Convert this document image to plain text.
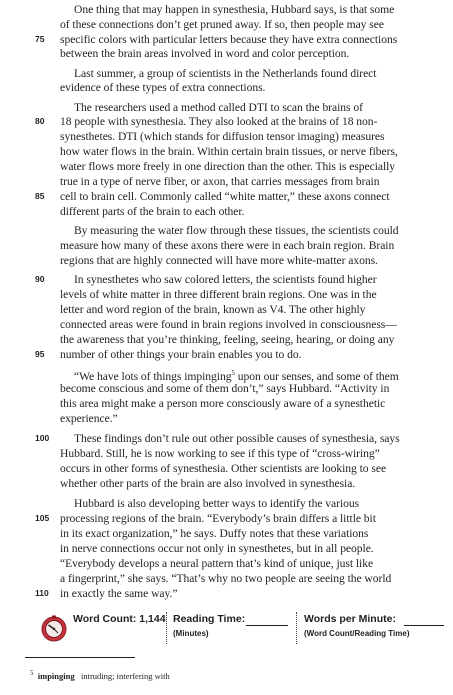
One thing that may happen in synesthesia, Hubbard says, is that some
of these connections don’t get pruned away. If so, then people may see
75	specific colors with particular letters because they have extra connections
between the brain areas involved in word and color perception.
Last summer, a group of scientists in the Netherlands found direct
evidence of these types of extra connections.
The researchers used a method called DTI to scan the brains of
80	18 people with synesthesia. They also looked at the brains of 18 non-
synesthetes. DTI (which stands for diffusion tensor imaging) measures
how water flows in the brain. Within certain brain tissues, or nerve fibers,
water flows more freely in one direction than the other. This is especially
true in a type of nerve fiber, or axon, that carries messages from brain
85	cell to brain cell. Commonly called “white matter,” these axons connect
different parts of the brain to each other.
By measuring the water flow through these tissues, the scientists could
measure how many of these axons there were in each brain region. Brain
regions that are highly connected will have more white-matter axons.
90	In synesthetes who saw colored letters, the scientists found higher
levels of white matter in three different brain regions. One was in the
letter and word region of the brain, known as V4. The other highly
connected areas were found in brain regions involved in consciousness—
the awareness that you’re thinking, feeling, seeing, hearing, or doing any
95	number of other things your brain enables you to do.
“We have lots of things impinging$^5$ upon our senses, and some of them
become conscious and some of them don’t,” says Hubbard. “Activity in
this area might make a person more consciously aware of a synesthetic
experience.”
100	These findings don’t rule out other possible causes of synesthesia, says
Hubbard. Still, he is now working to see if this type of “cross-wiring”
occurs in other forms of synesthesia. Other scientists are looking to see
whether other parts of the brain are also involved in synesthesia.
Hubbard is also developing better ways to identify the various
105 processing regions of the brain. “Everybody’s brain differs a little bit
in its exact organization,” he says. Duffy notes that these variations
in nerve connections occur not only in synesthetes, but in all people.
“Everybody develops a neural pattern that’s kind of unique, just like
a fingerprint,” she says. “That’s why no two people are seeing the world
110 in exactly the same way.”
Word Count: 1,144 Reading Time:
(Minutes)
Words per Minute:
(Word Count/Reading Time)
$^5$ impinging intruding; interfering with
